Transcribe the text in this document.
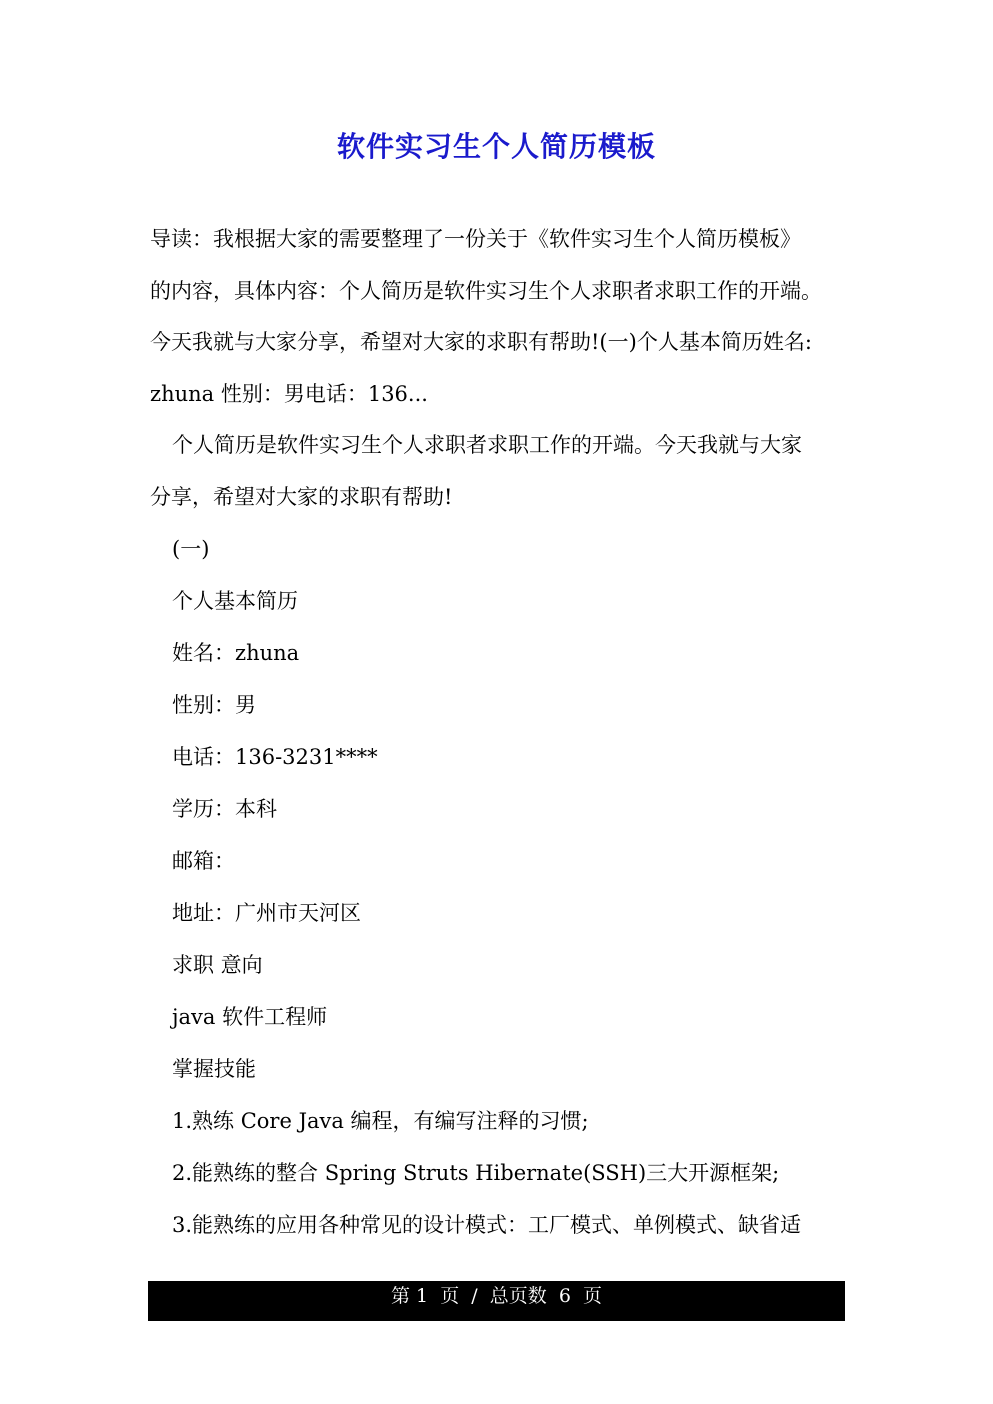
软件实习生个人简历模板

导读：我根据大家的需要整理了一份关于《软件实习生个人简历模板》

的内容，具体内容：个人简历是软件实习生个人求职者求职工作的开端。

今天我就与大家分享，希望对大家的求职有帮助!(一)个人基本简历姓名:

zhuna 性别：男电话：136...

个人简历是软件实习生个人求职者求职工作的开端。今天我就与大家

分享，希望对大家的求职有帮助!

(一)

个人基本简历

姓名：zhuna

性别：男

电话：136-3231****

学历：本科

邮箱：

地址：广州市天河区

求职 意向

java 软件工程师

掌握技能

1.熟练 Core Java 编程，有编写注释的习惯;

2.能熟练的整合 Spring Struts Hibernate(SSH)三大开源框架;

3.能熟练的应用各种常见的设计模式：工厂模式、单例模式、缺省适

第 1  页  /  总页数  6  页
